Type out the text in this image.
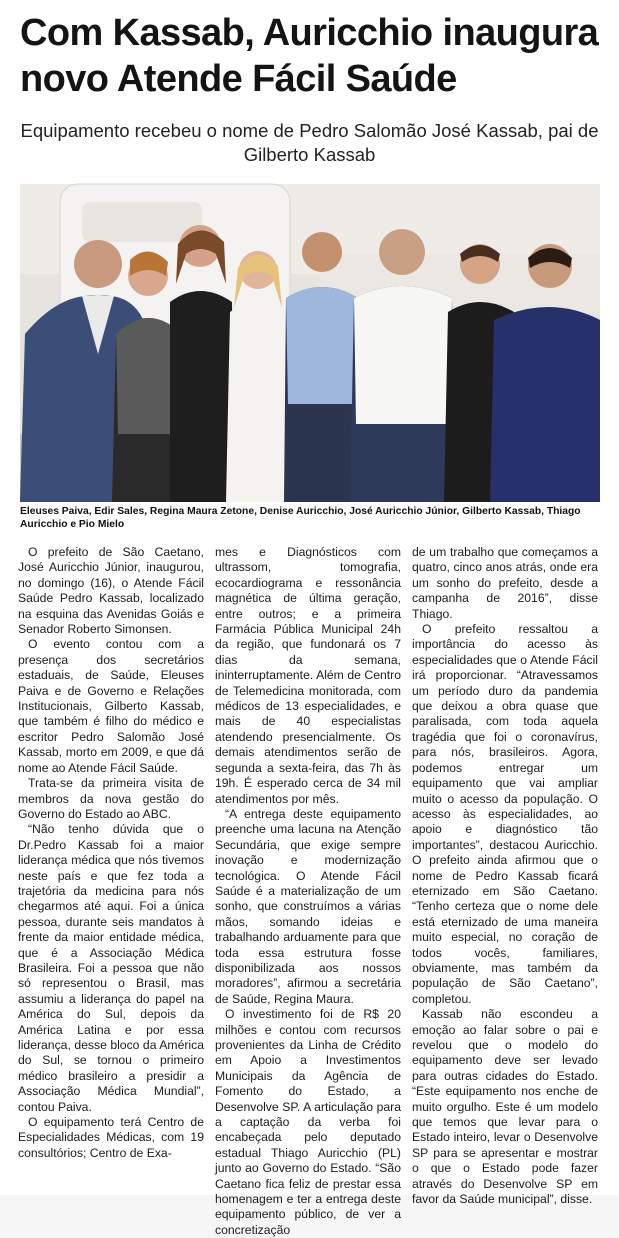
Com Kassab, Auricchio inaugura novo Atende Fácil Saúde

Equipamento recebeu o nome de Pedro Salomão José Kassab, pai de Gilberto Kassab

Eleuses Paiva, Edir Sales, Regina Maura Zetone, Denise Auricchio, José Auricchio Júnior, Gilberto Kassab, Thiago Auricchio e Pio Mielo

O prefeito de São Caetano, José Auricchio Júnior, inaugurou, no domingo (16), o Atende Fácil Saúde Pedro Kassab, localizado na esquina das Avenidas Goiás e Senador Roberto Simonsen.

O evento contou com a presença dos secretários estaduais, de Saúde, Eleuses Paiva e de Governo e Relações Institucionais, Gilberto Kassab, que também é filho do médico e escritor Pedro Salomão José Kassab, morto em 2009, e que dá nome ao Atende Fácil Saúde.

Trata-se da primeira visita de membros da nova gestão do Governo do Estado ao ABC.

“Não tenho dúvida que o Dr.Pedro Kassab foi a maior liderança médica que nós tivemos neste país e que fez toda a trajetória da medicina para nós chegarmos até aqui. Foi a única pessoa, durante seis mandatos à frente da maior entidade médica, que é a Associação Médica Brasileira. Foi a pessoa que não só representou o Brasil, mas assumiu a liderança do papel na América do Sul, depois da América Latina e por essa liderança, desse bloco da América do Sul, se tornou o primeiro médico brasileiro a presidir a Associação Médica Mundial”, contou Paiva.

O equipamento terá Centro de Especialidades Médicas, com 19 consultórios; Centro de Exa-

mes e Diagnósticos com ultrassom, tomografia, ecocardiograma e ressonância magnética de última geração, entre outros; e a primeira Farmácia Pública Municipal 24h da região, que fundonará os 7 dias da semana, ininterruptamente. Além de Centro de Telemedicina monitorada, com médicos de 13 especialidades, e mais de 40 especialistas atendendo presencialmente. Os demais atendimentos serão de segunda a sexta-feira, das 7h às 19h. É esperado cerca de 34 mil atendimentos por mês.

“A entrega deste equipamento preenche uma lacuna na Atenção Secundária, que exige sempre inovação e modernização tecnológica. O Atende Fácil Saúde é a materialização de um sonho, que construímos a várias mãos, somando ideias e trabalhando arduamente para que toda essa estrutura fosse disponibilizada aos nossos moradores”, afirmou a secretária de Saúde, Regina Maura.

O investimento foi de R$ 20 milhões e contou com recursos provenientes da Linha de Crédito em Apoio a Investimentos Municipais da Agência de Fomento do Estado, a Desenvolve SP. A articulação para a captação da verba foi encabeçada pelo deputado estadual Thiago Auricchio (PL) junto ao Governo do Estado. “São Caetano fica feliz de prestar essa homenagem e ter a entrega deste equipamento público, de ver a concretização

de um trabalho que começamos a quatro, cinco anos atrás, onde era um sonho do prefeito, desde a campanha de 2016”, disse Thiago.

O prefeito ressaltou a importância do acesso às especialidades que o Atende Fácil irá proporcionar. “Atravessamos um período duro da pandemia que deixou a obra quase que paralisada, com toda aquela tragédia que foi o coronavírus, para nós, brasileiros. Agora, podemos entregar um equipamento que vai ampliar muito o acesso da população. O acesso às especialidades, ao apoio e diagnóstico tão importantes”, destacou Auricchio. O prefeito ainda afirmou que o nome de Pedro Kassab ficará eternizado em São Caetano. “Tenho certeza que o nome dele está eternizado de uma maneira muito especial, no coração de todos vocês, familiares, obviamente, mas também da população de São Caetano”, completou.

Kassab não escondeu a emoção ao falar sobre o pai e revelou que o modelo do equipamento deve ser levado para outras cidades do Estado. “Este equipamento nos enche de muito orgulho. Este é um modelo que temos que levar para o Estado inteiro, levar o Desenvolve SP para se apresentar e mostrar o que o Estado pode fazer através do Desenvolve SP em favor da Saúde municipal”, disse.
